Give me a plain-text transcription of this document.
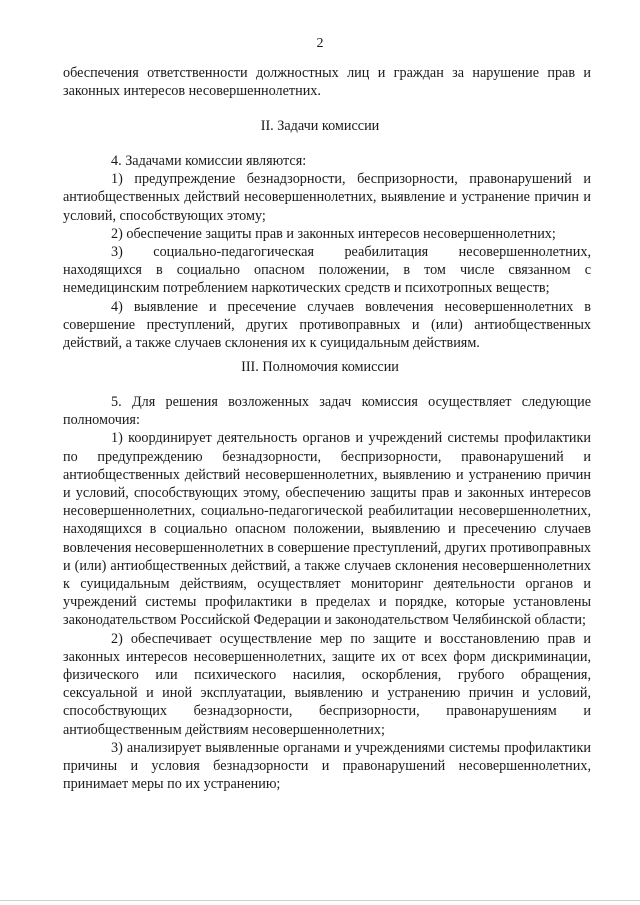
2

обеспечения ответственности должностных лиц и граждан за нарушение прав и законных интересов несовершеннолетних.

II. Задачи комиссии

4. Задачами комиссии являются:

1) предупреждение безнадзорности, беспризорности, правонарушений и антиобщественных действий несовершеннолетних, выявление и устранение причин и условий, способствующих этому;

2) обеспечение защиты прав и законных интересов несовершеннолетних;

3) социально-педагогическая реабилитация несовершеннолетних, находящихся в социально опасном положении, в том числе связанном с немедицинским потреблением наркотических средств и психотропных веществ;

4) выявление и пресечение случаев вовлечения несовершеннолетних в совершение преступлений, других противоправных и (или) антиобщественных действий, а также случаев склонения их к суицидальным действиям.

III. Полномочия комиссии

5. Для решения возложенных задач комиссия осуществляет следующие полномочия:

1) координирует деятельность органов и учреждений системы профилактики по предупреждению безнадзорности, беспризорности, правонарушений и антиобщественных действий несовершеннолетних, выявлению и устранению причин и условий, способствующих этому, обеспечению защиты прав и законных интересов несовершеннолетних, социально-педагогической реабилитации несовершеннолетних, находящихся в социально опасном положении, выявлению и пресечению случаев вовлечения несовершеннолетних в совершение преступлений, других противоправных и (или) антиобщественных действий, а также случаев склонения несовершеннолетних к суицидальным действиям, осуществляет мониторинг деятельности органов и учреждений системы профилактики в пределах и порядке, которые установлены законодательством Российской Федерации и законодательством Челябинской области;

2) обеспечивает осуществление мер по защите и восстановлению прав и законных интересов несовершеннолетних, защите их от всех форм дискриминации, физического или психического насилия, оскорбления, грубого обращения, сексуальной и иной эксплуатации, выявлению и устранению причин и условий, способствующих безнадзорности, беспризорности, правонарушениям и антиобщественным действиям несовершеннолетних;

3) анализирует выявленные органами и учреждениями системы профилактики причины и условия безнадзорности и правонарушений несовершеннолетних, принимает меры по их устранению;
